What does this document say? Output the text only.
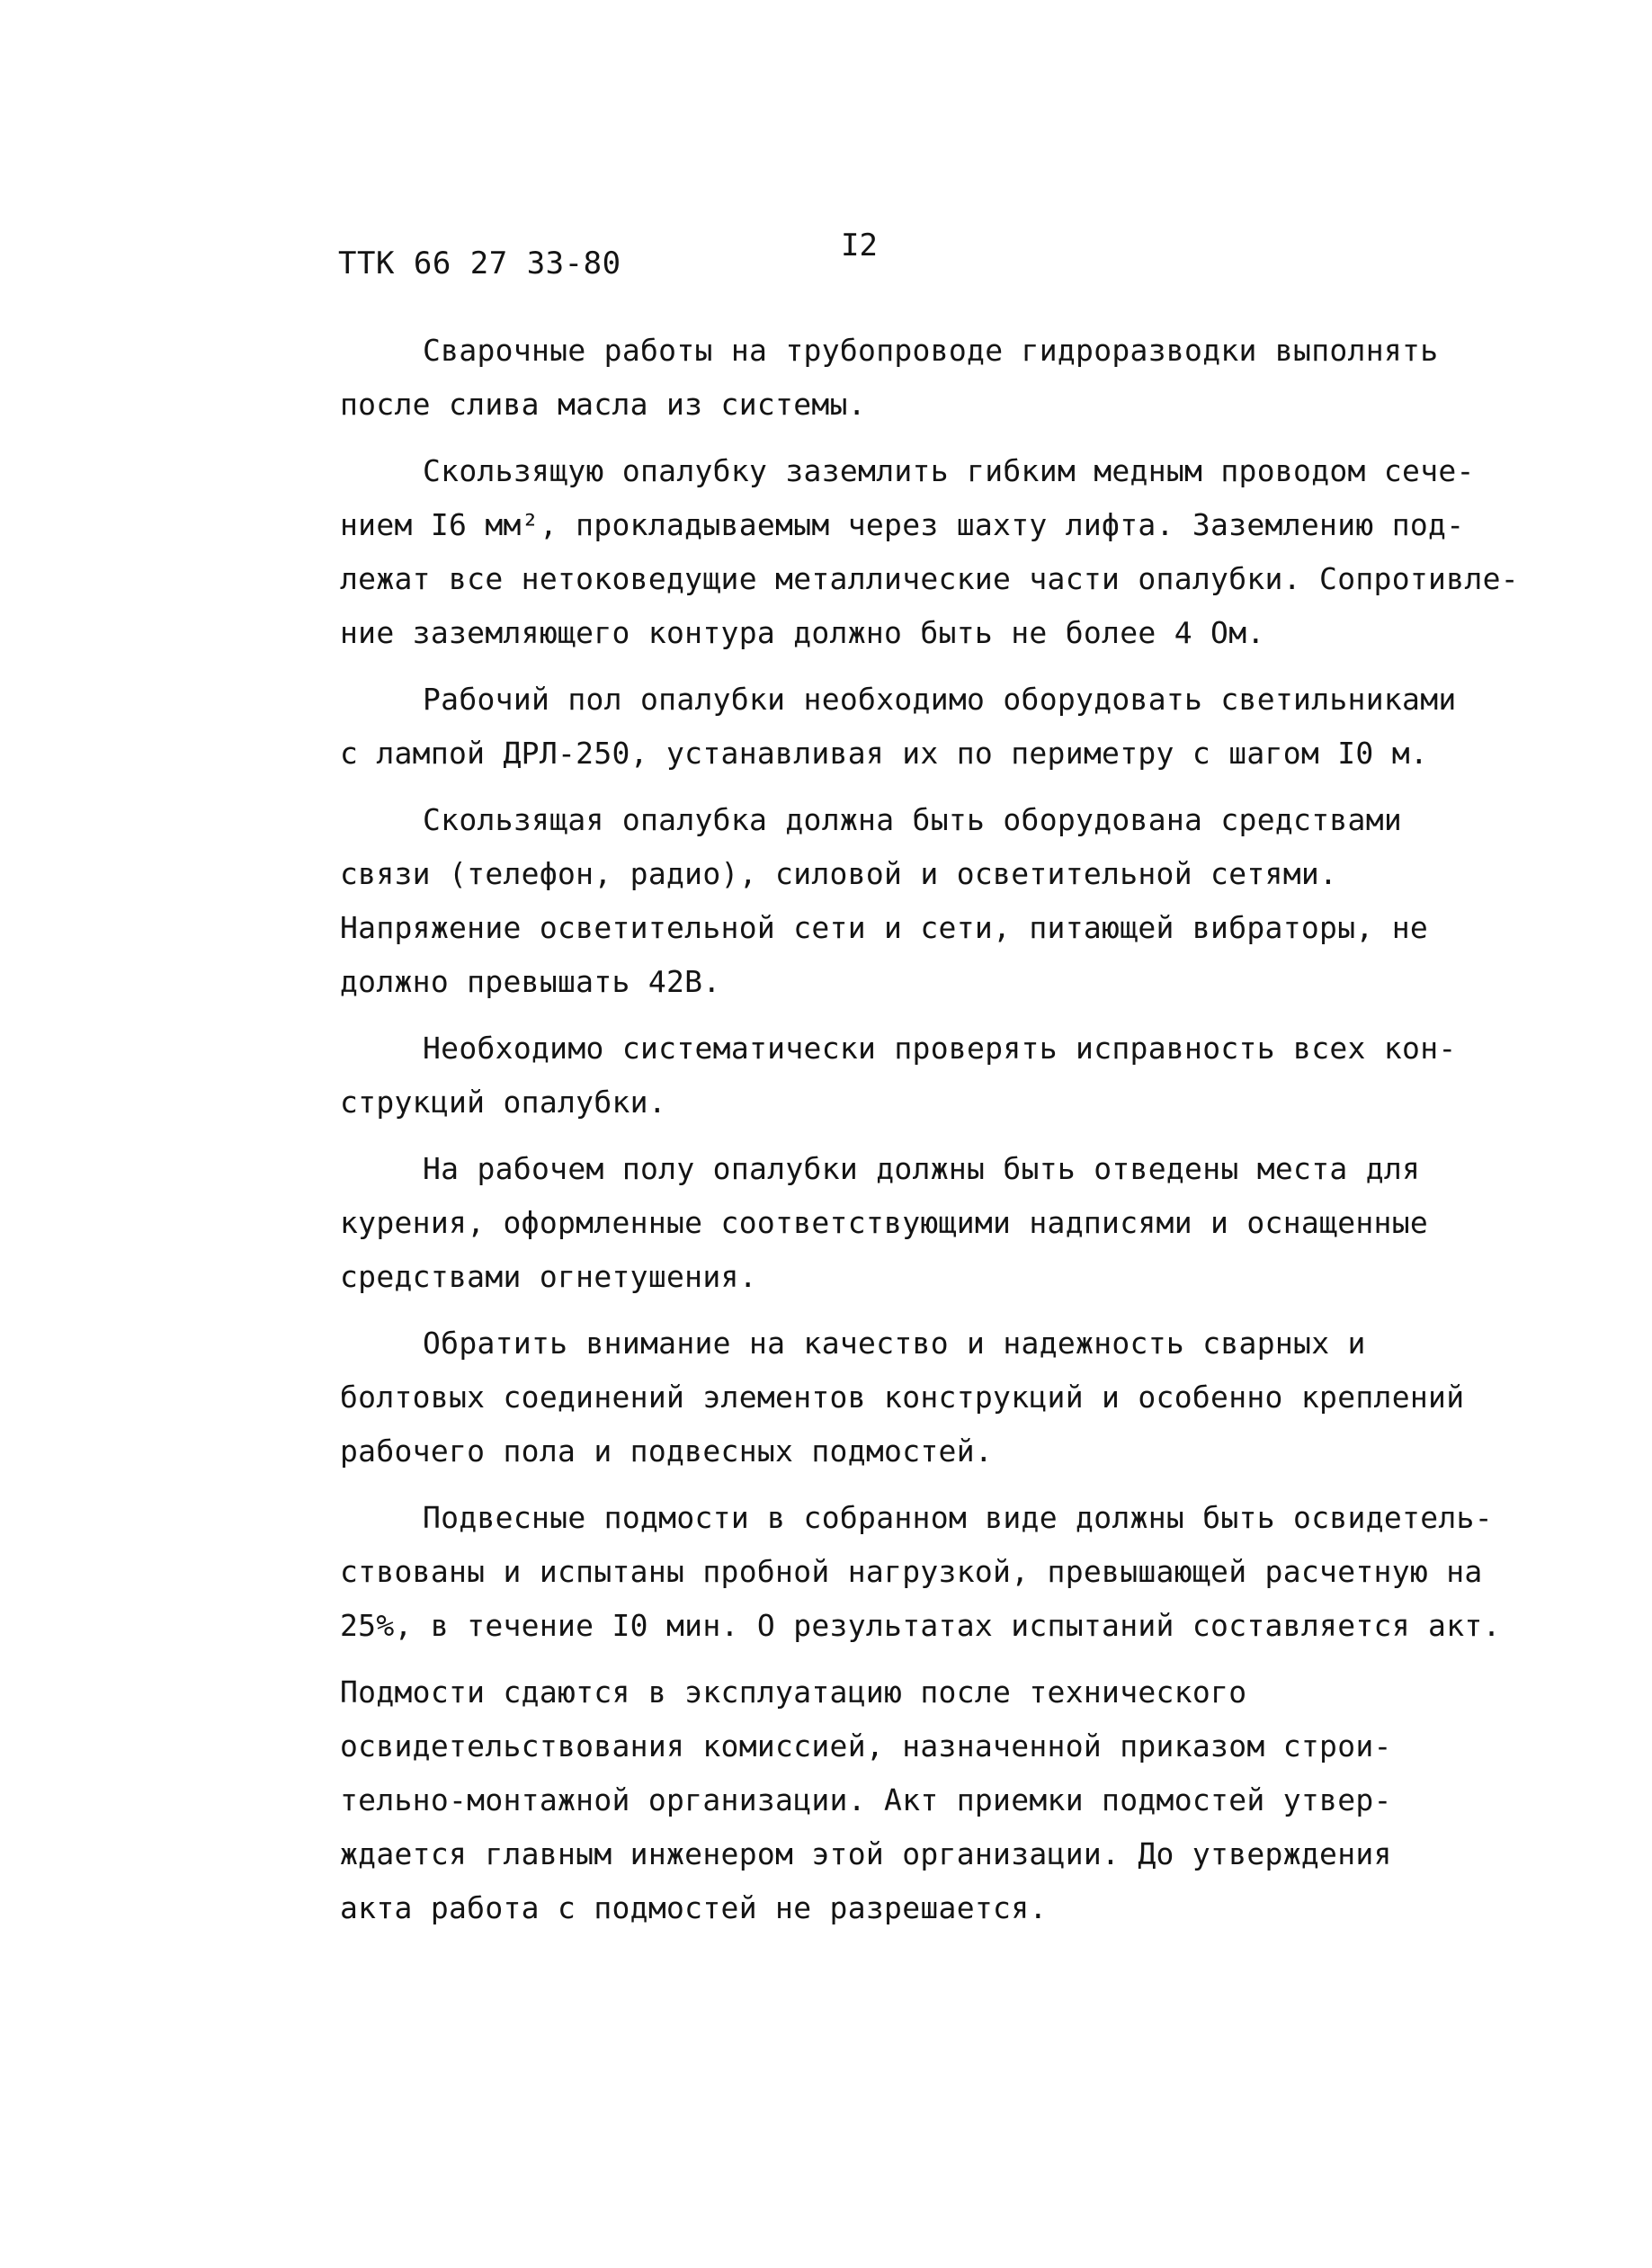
ТТК 66 27 33-80	I2
Сварочные работы на трубопроводе гидроразводки выполнять
после слива масла из системы.
Скользящую опалубку заземлить гибким медным проводом сече-
нием I6 мм², прокладываемым через шахту лифта. Заземлению под-
лежат все нетоковедущие металлические части опалубки. Сопротивле-
ние заземляющего контура должно быть не более 4 Ом.
Рабочий пол опалубки необходимо оборудовать светильниками
с лампой ДРЛ-250, устанавливая их по периметру с шагом I0 м.
Скользящая опалубка должна быть оборудована средствами
связи (телефон, радио), силовой и осветительной сетями.
Напряжение осветительной сети и сети, питающей вибраторы, не
должно превышать 42В.
Необходимо систематически проверять исправность всех кон-
струкций опалубки.
На рабочем полу опалубки должны быть отведены места для
курения, оформленные соответствующими надписями и оснащенные
средствами огнетушения.
Обратить внимание на качество и надежность сварных и
болтовых соединений элементов конструкций и особенно креплений
рабочего пола и подвесных подмостей.
Подвесные подмости в собранном виде должны быть освидетель-
ствованы и испытаны пробной нагрузкой, превышающей расчетную на
25%, в течение I0 мин. О результатах испытаний составляется акт.
Подмости сдаются в эксплуатацию после технического
освидетельствования комиссией, назначенной приказом строи-
тельно-монтажной организации. Акт приемки подмостей утвер-
ждается главным инженером этой организации. До утверждения
акта работа с подмостей не разрешается.
